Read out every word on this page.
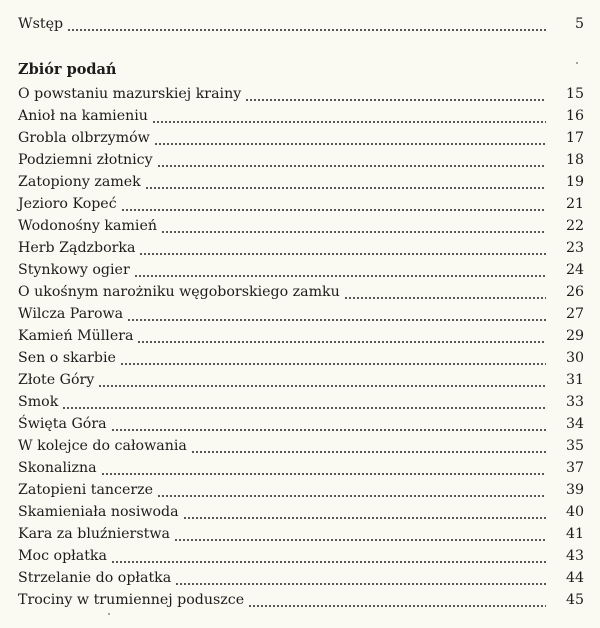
Wstęp	5
Zbiór podań
O powstaniu mazurskiej krainy	15
Anioł na kamieniu	16
Grobla olbrzymów	17
Podziemni złotnicy	18
Zatopiony zamek	19
Jezioro Kopeć	21
Wodonośny kamień	22
Herb Ządzborka	23
Stynkowy ogier	24
O ukośnym narożniku węgoborskiego zamku	26
Wilcza Parowa	27
Kamień Müllera	29
Sen o skarbie	30
Złote Góry	31
Smok	33
Święta Góra	34
W kolejce do całowania	35
Skonalizna	37
Zatopieni tancerze	39
Skamieniała nosiwoda	40
Kara za bluźnierstwa	41
Moc opłatka	43
Strzelanie do opłatka	44
Trociny w trumiennej poduszce	45
